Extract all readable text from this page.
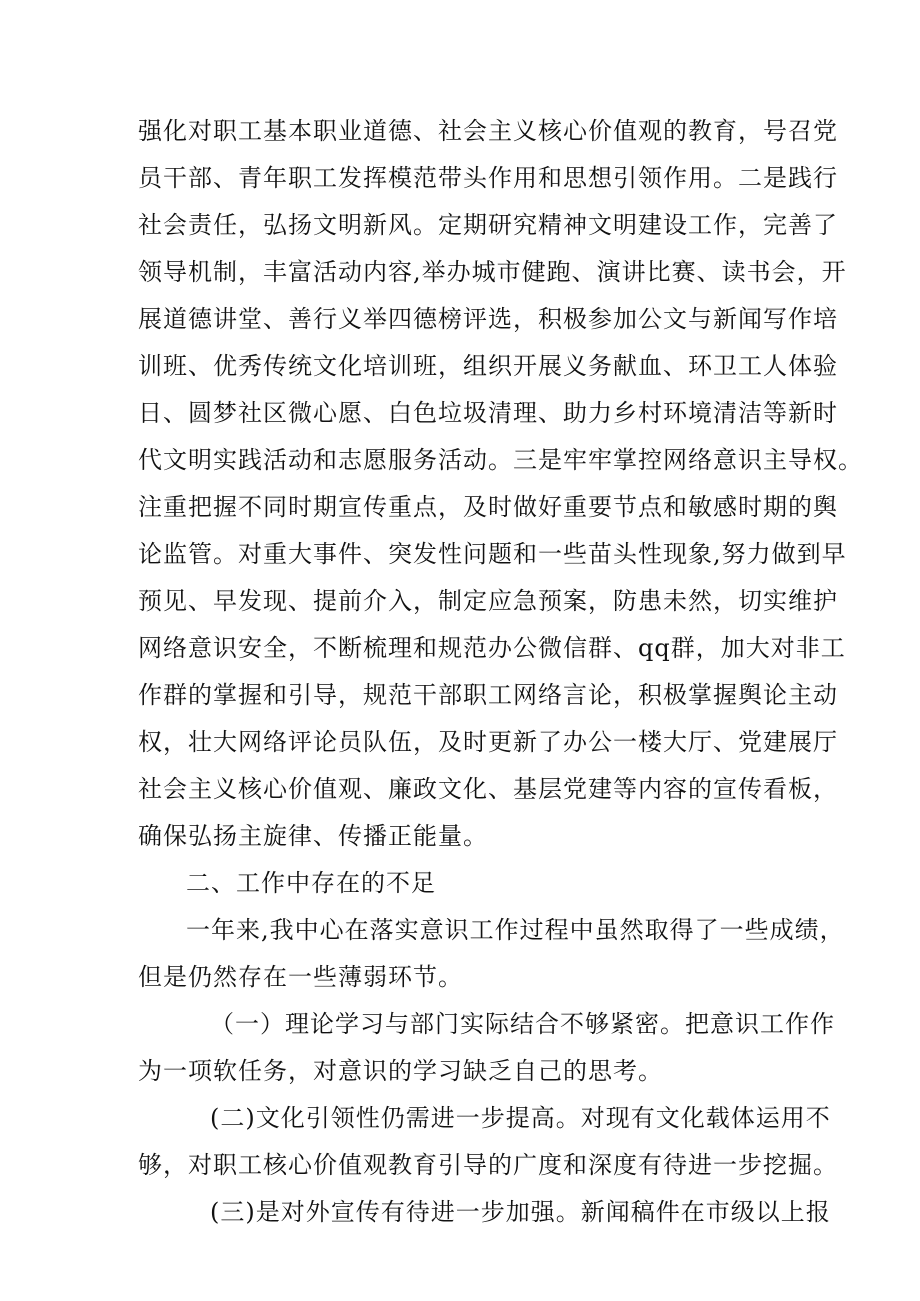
强化对职工基本职业道德、社会主义核心价值观的教育，号召党
员干部、青年职工发挥模范带头作用和思想引领作用。二是践行
社会责任，弘扬文明新风。定期研究精神文明建设工作，完善了
领导机制，丰富活动内容,举办城市健跑、演讲比赛、读书会，开
展道德讲堂、善行义举四德榜评选，积极参加公文与新闻写作培
训班、优秀传统文化培训班，组织开展义务献血、环卫工人体验
日、圆梦社区微心愿、白色垃圾清理、助力乡村环境清洁等新时
代文明实践活动和志愿服务活动。三是牢牢掌控网络意识主导权。
注重把握不同时期宣传重点，及时做好重要节点和敏感时期的舆
论监管。对重大事件、突发性问题和一些苗头性现象,努力做到早
预见、早发现、提前介入，制定应急预案，防患未然，切实维护
网络意识安全，不断梳理和规范办公微信群、qq群，加大对非工
作群的掌握和引导，规范干部职工网络言论，积极掌握舆论主动
权，壮大网络评论员队伍，及时更新了办公一楼大厅、党建展厅
社会主义核心价值观、廉政文化、基层党建等内容的宣传看板，
确保弘扬主旋律、传播正能量。
二、工作中存在的不足
一年来,我中心在落实意识工作过程中虽然取得了一些成绩，
但是仍然存在一些薄弱环节。
（一）理论学习与部门实际结合不够紧密。把意识工作作
为一项软任务，对意识的学习缺乏自己的思考。
(二)文化引领性仍需进一步提高。对现有文化载体运用不
够，对职工核心价值观教育引导的广度和深度有待进一步挖掘。
(三)是对外宣传有待进一步加强。新闻稿件在市级以上报
